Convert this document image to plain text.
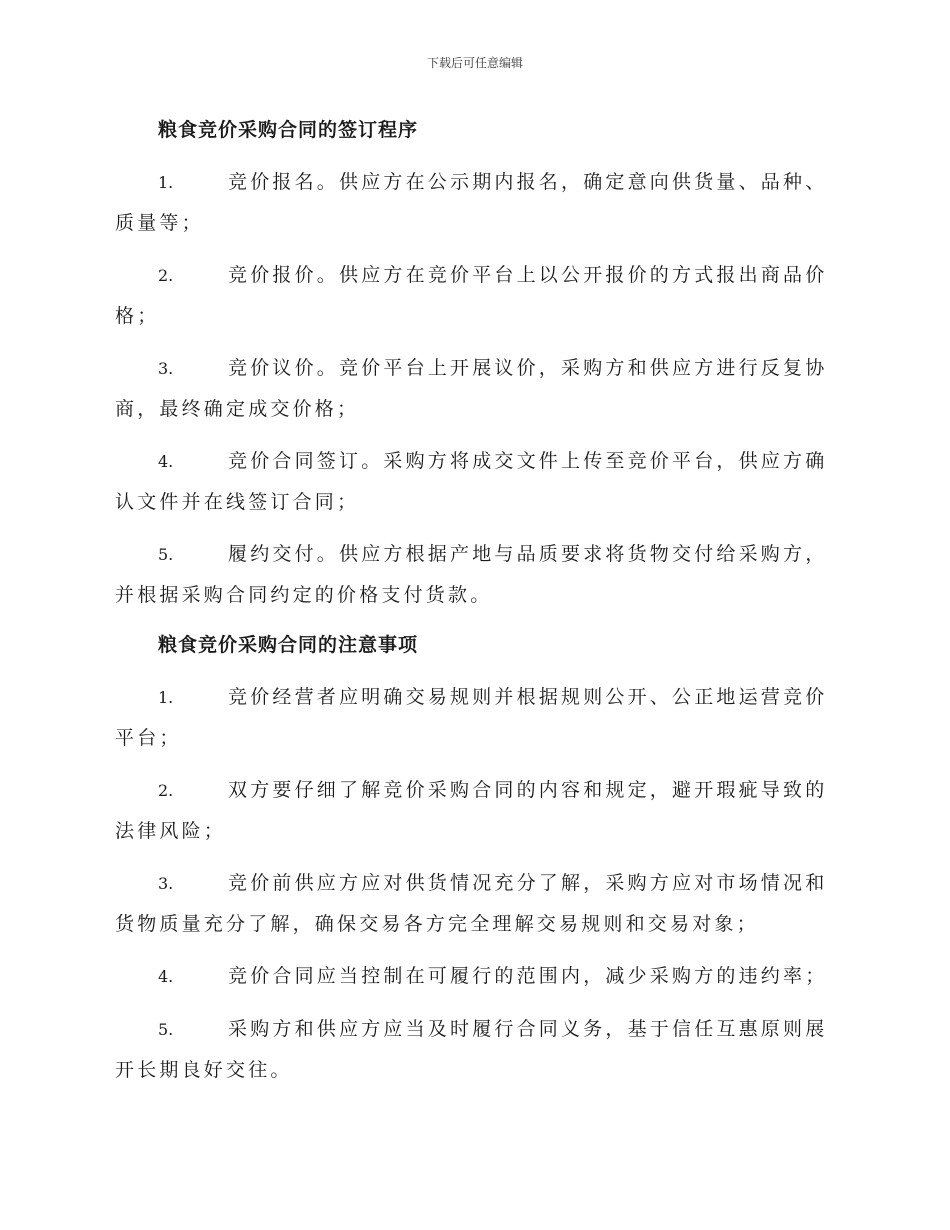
下载后可任意编辑
粮食竞价采购合同的签订程序
1.	竞价报名。供应方在公示期内报名，确定意向供货量、品种、质量等；
2.	竞价报价。供应方在竞价平台上以公开报价的方式报出商品价格；
3.	竞价议价。竞价平台上开展议价，采购方和供应方进行反复协商，最终确定成交价格；
4.	竞价合同签订。采购方将成交文件上传至竞价平台，供应方确认文件并在线签订合同；
5.	履约交付。供应方根据产地与品质要求将货物交付给采购方，并根据采购合同约定的价格支付货款。
粮食竞价采购合同的注意事项
1.	竞价经营者应明确交易规则并根据规则公开、公正地运营竞价平台；
2.	双方要仔细了解竞价采购合同的内容和规定，避开瑕疵导致的法律风险；
3.	竞价前供应方应对供货情况充分了解，采购方应对市场情况和货物质量充分了解，确保交易各方完全理解交易规则和交易对象；
4.	竞价合同应当控制在可履行的范围内，减少采购方的违约率；
5.	采购方和供应方应当及时履行合同义务，基于信任互惠原则展开长期良好交往。
